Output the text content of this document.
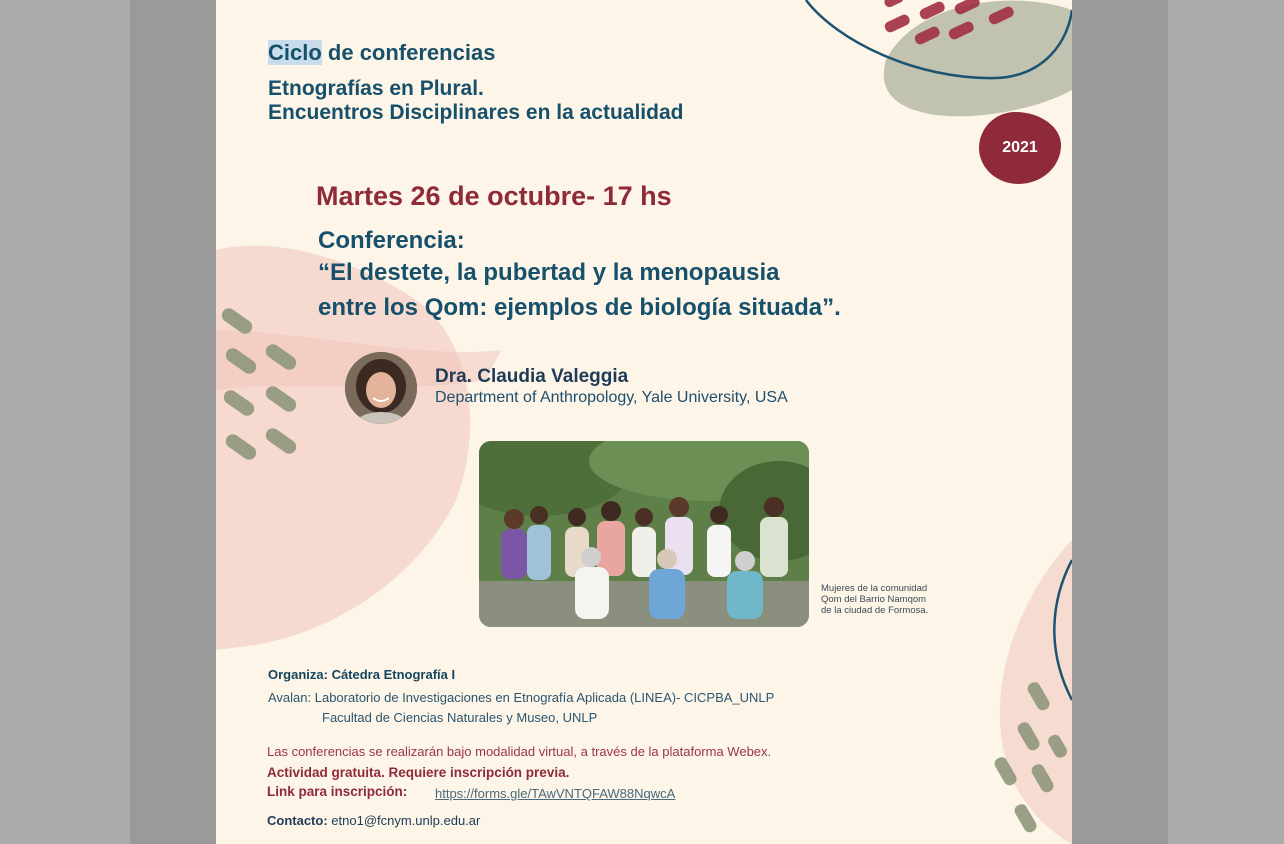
Ciclo de conferencias
Etnografías en Plural.
Encuentros Disciplinares en la actualidad
2021
Martes 26 de octubre- 17 hs
Conferencia:
“El destete, la pubertad y la menopausia
entre los Qom: ejemplos de biología situada”.
Dra. Claudia Valeggia
Department of Anthropology, Yale University, USA
Mujeres de la comunidad
Qom del Barrio Namqom
de la ciudad de Formosa.
Organiza: Cátedra Etnografía I
Avalan: Laboratorio de Investigaciones en Etnografía Aplicada (LINEA)- CICPBA_UNLP
Facultad de Ciencias Naturales y Museo, UNLP
Las conferencias se realizarán bajo modalidad virtual, a través de la plataforma Webex.
Actividad gratuita. Requiere inscripción previa.
Link para inscripción: https://forms.gle/TAwVNTQFAW88NqwcA
Contacto: etno1@fcnym.unlp.edu.ar
